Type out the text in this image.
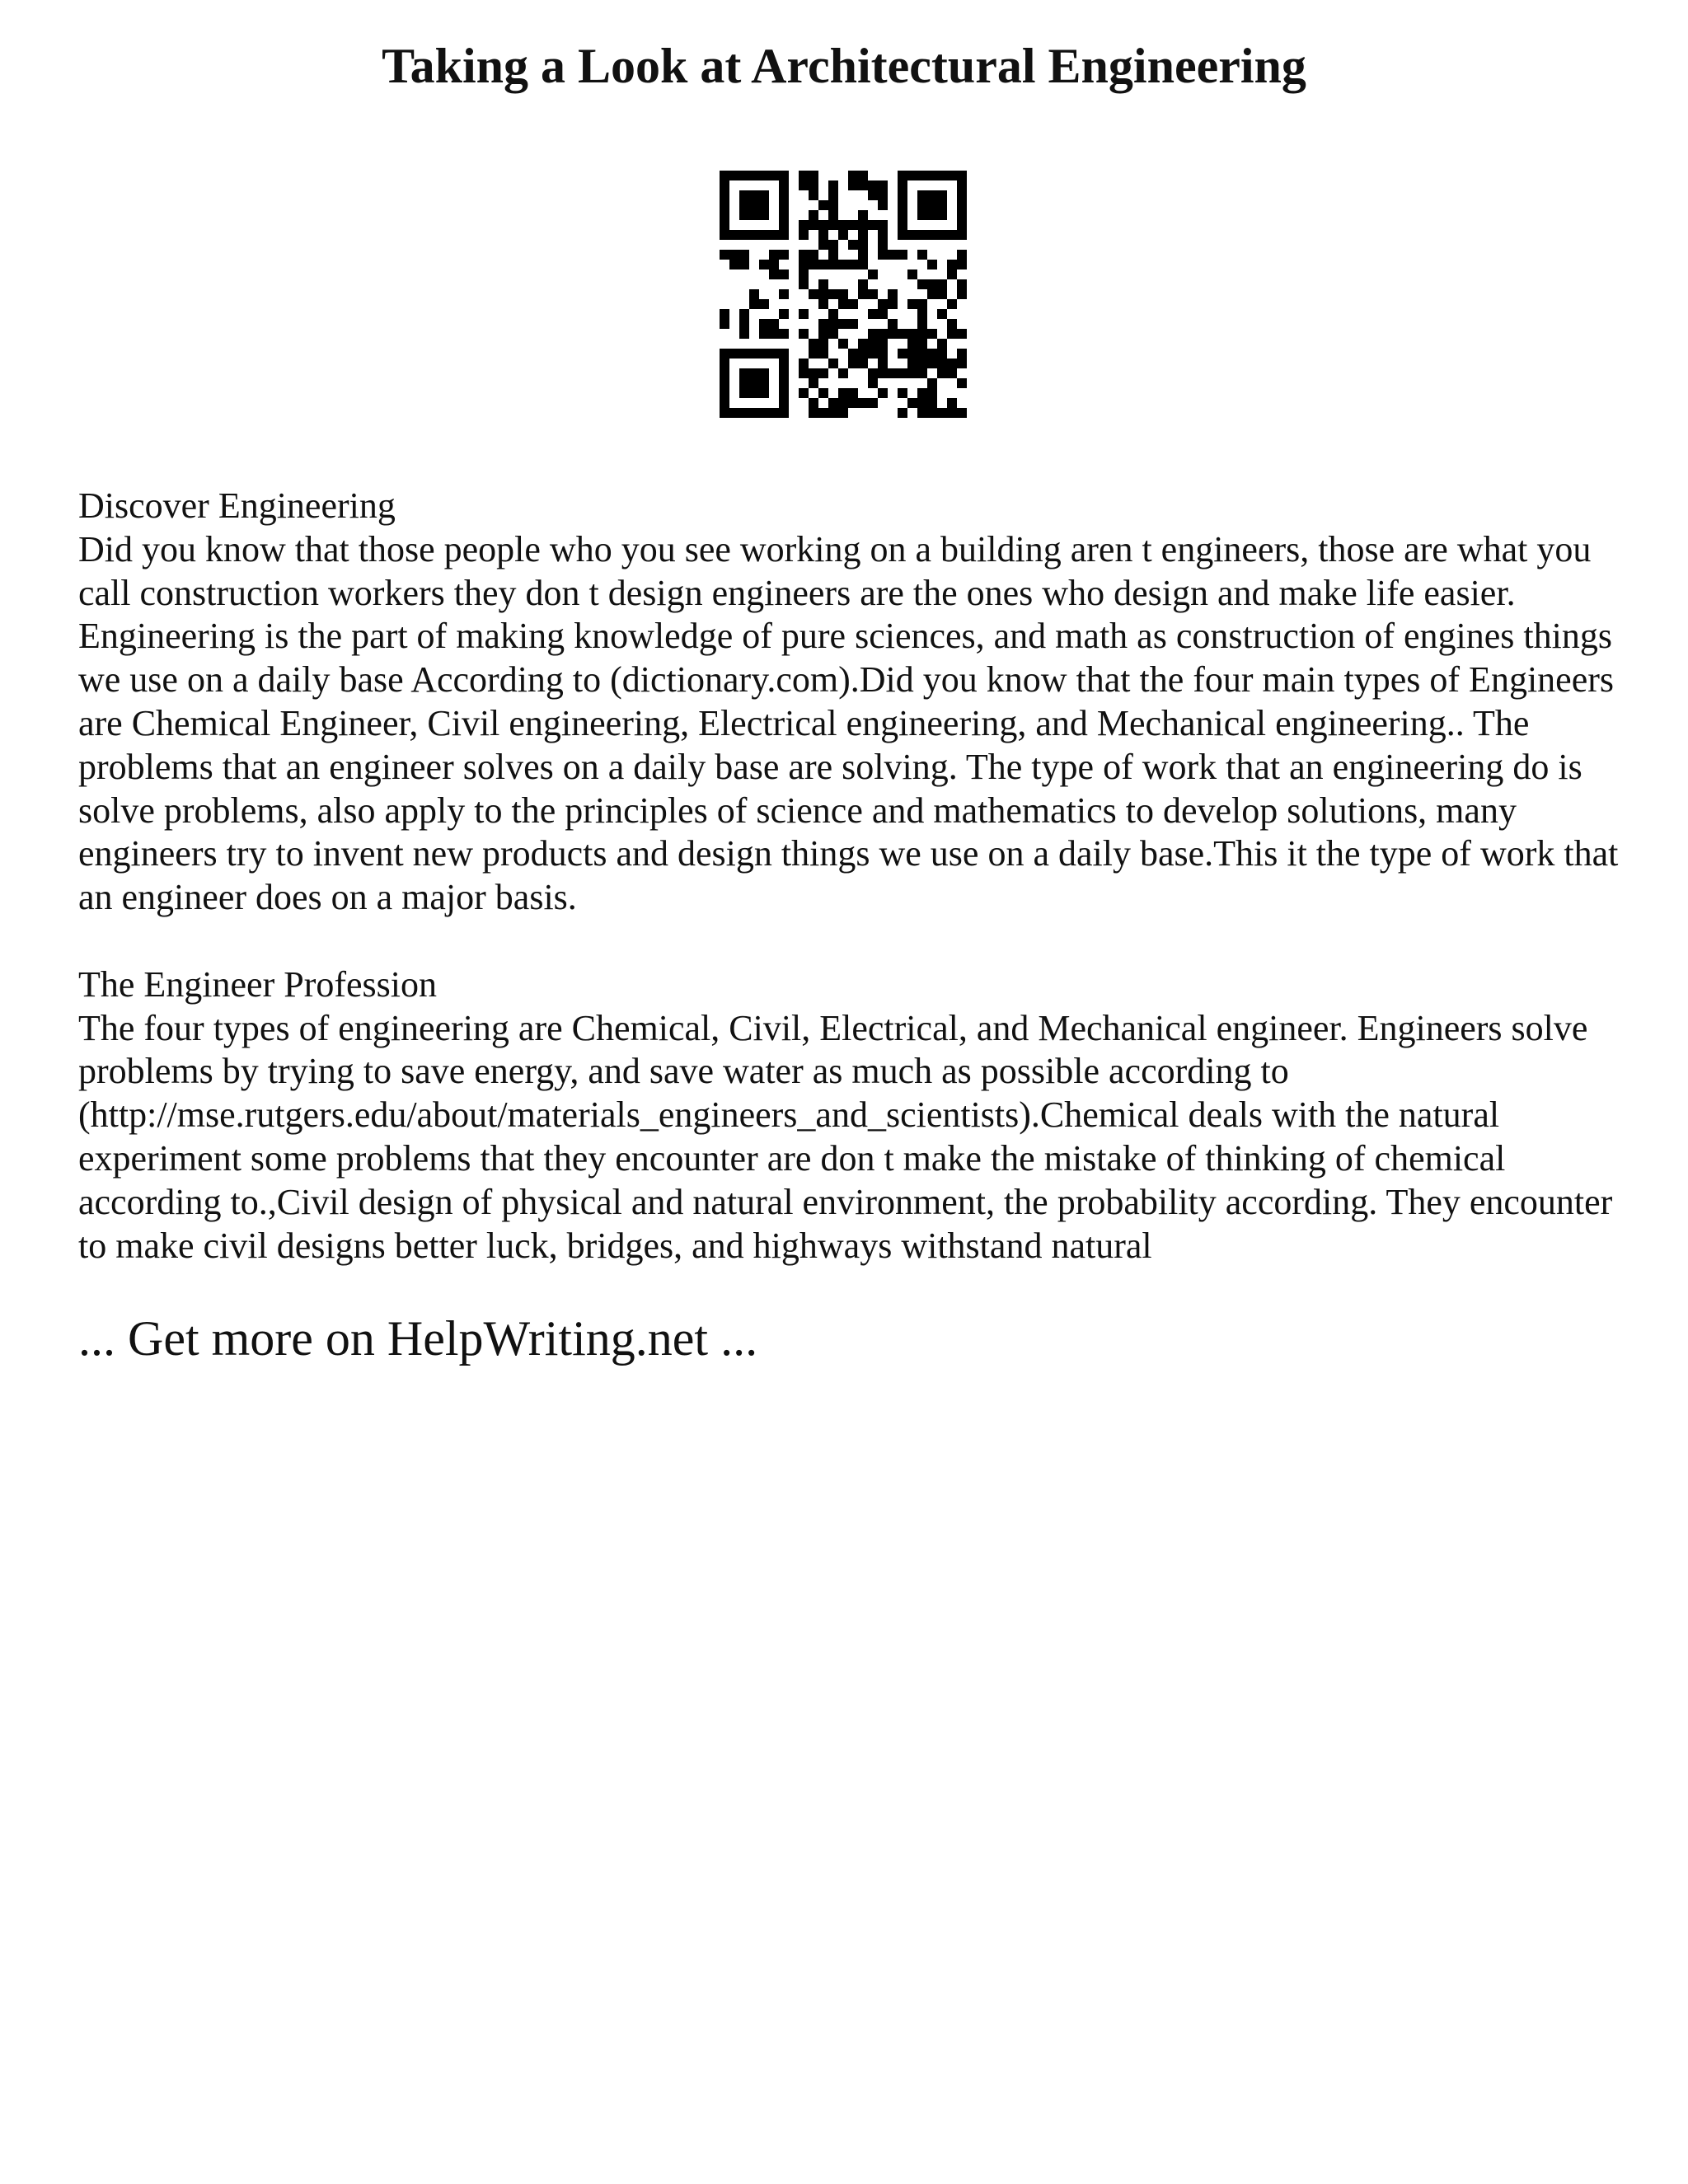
Taking a Look at Architectural Engineering
Discover Engineering

Did you know that those people who you see working on a building aren t engineers, those are what you call construction workers they don t design engineers are the ones who design and make life easier. Engineering is the part of making knowledge of pure sciences, and math as construction of engines things we use on a daily base According to (dictionary.com).Did you know that the four main types of Engineers are Chemical Engineer, Civil engineering, Electrical engineering, and Mechanical engineering.. The problems that an engineer solves on a daily base are solving. The type of work that an engineering do is solve problems, also apply to the principles of science and mathematics to develop solutions, many engineers try to invent new products and design things we use on a daily base.This it the type of work that an engineer does on a major basis.

The Engineer Profession

The four types of engineering are Chemical, Civil, Electrical, and Mechanical engineer. Engineers solve problems by trying to save energy, and save water as much as possible according to (http://mse.rutgers.edu/about/materials_engineers_and_scientists).Chemical deals with the natural experiment some problems that they encounter are don t make the mistake of thinking of chemical according to.,Civil design of physical and natural environment, the probability according. They encounter to make civil designs better luck, bridges, and highways withstand natural

... Get more on HelpWriting.net ...
